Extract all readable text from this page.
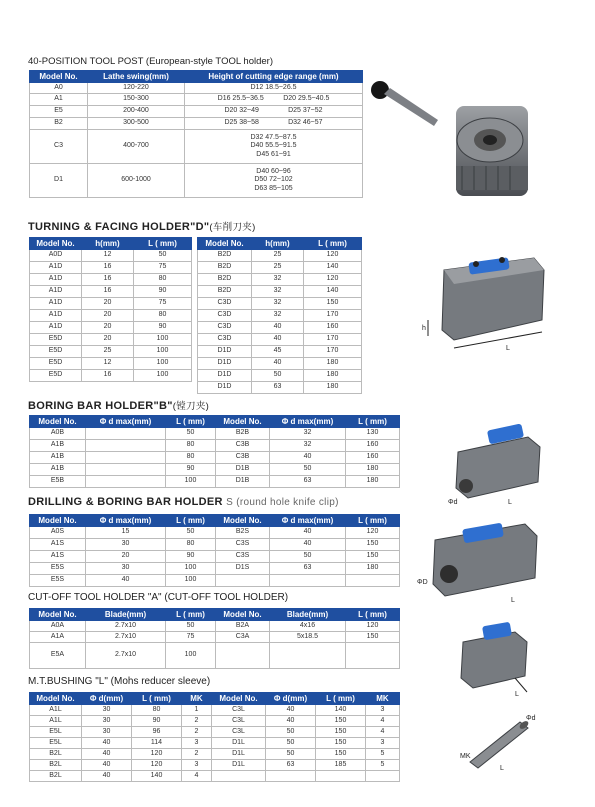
40-POSITION TOOL POST (European-style TOOL holder)
Model No.	Lathe swing(mm)	Height of cutting edge range (mm)
A0	120-220	D12 18.5~26.5
A1	150-300	D16 25.5~36.5          D20 29.5~40.5
E5	200-400	D20 32~49               D25 37~52
B2	300-500	D25 38~58               D32 46~57
C3	400-700	D32 47.5~87.5
D40 55.5~91.5
D45 61~91
D1	600-1000	D40 60~96
D50 72~102
D63 85~105
TURNING & FACING HOLDER"D"(车削刀夹)
Model No.	h(mm)	L ( mm)
A0D	12	50
A1D	16	75
A1D	16	80
A1D	16	90
A1D	20	75
A1D	20	80
A1D	20	90
E5D	20	100
E5D	25	100
E5D	12	100
E5D	16	100
Model No.	h(mm)	L ( mm)
B2D	25	120
B2D	25	140
B2D	32	120
B2D	32	140
C3D	32	150
C3D	32	170
C3D	40	160
C3D	40	170
D1D	45	170
D1D	40	180
D1D	50	180
D1D	63	180
BORING BAR HOLDER"B"(镗刀夹)
Model No.	Φ d max(mm)	L ( mm)	Model No.	Φ d max(mm)	L ( mm)
A0B		50	B2B	32	130
A1B		80	C3B	32	160
A1B		80	C3B	40	160
A1B		90	D1B	50	180
E5B		100	D1B	63	180
DRILLING & BORING BAR HOLDER S (round hole knife clip)
Model No.	Φ d max(mm)	L ( mm)	Model No.	Φ d max(mm)	L ( mm)
A0S	15	50	B2S	40	120
A1S	30	80	C3S	40	150
A1S	20	90	C3S	50	150
E5S	30	100	D1S	63	180
E5S	40	100			
CUT-OFF TOOL HOLDER "A" (CUT-OFF TOOL HOLDER)
Model No.	Blade(mm)	L ( mm)	Model No.	Blade(mm)	L ( mm)
A0A	2.7x10	50	B2A	4x16	120
A1A	2.7x10	75	C3A	5x18.5	150
E5A	2.7x10	100			
M.T.BUSHING "L" (Mohs reducer sleeve)
Model No.	Φ d(mm)	L ( mm)	MK	Model No.	Φ d(mm)	L ( mm)	MK
A1L	30	80	1	C3L	40	140	3
A1L	30	90	2	C3L	40	150	4
E5L	30	96	2	C3L	50	150	4
E5L	40	114	3	D1L	50	150	3
B2L	40	120	2	D1L	50	150	5
B2L	40	120	3	D1L	63	185	5
B2L	40	140	4				
h
L
Φd	L
ΦD
L
L
Φd
MK
L
